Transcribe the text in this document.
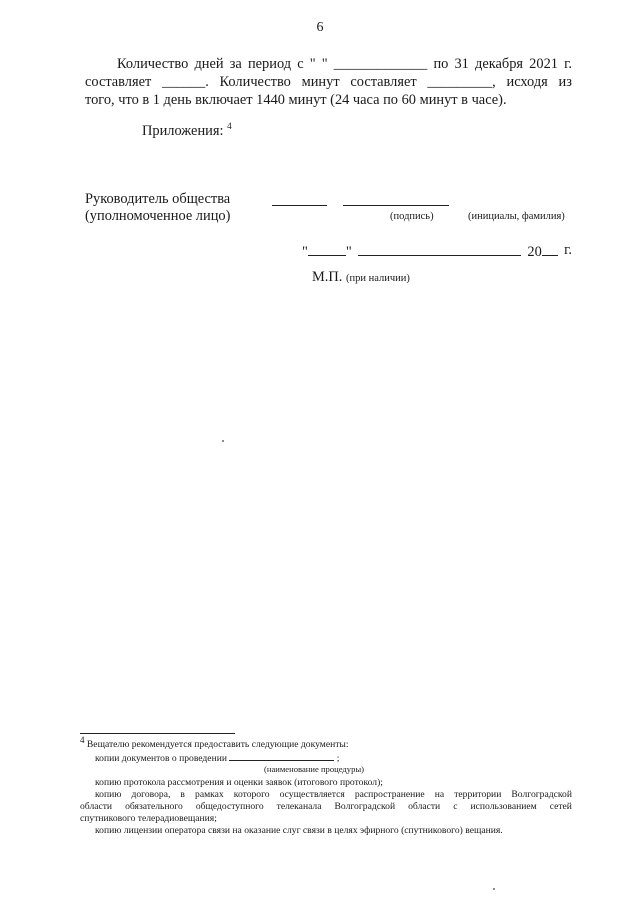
6
Количество дней за период с " " _____________ по 31 декабря 2021 г.
составляет ______. Количество минут составляет _________, исходя из
того, что в 1 день включает 1440 минут (24 часа по 60 минут в часе).
Приложения: $^4$
Руководитель общества
(уполномоченное лицо)	(подпись)	(инициалы, фамилия)
"	"	20	г.
М.П. (при наличии)
4 Вещателю рекомендуется предоставить следующие документы:
копии документов о проведении	;
(наименование процедуры)
копию протокола рассмотрения и оценки заявок (итогового протокол);
копию договора, в рамках которого осуществляется распространение на территории Волгоградской
области обязательного общедоступного телеканала Волгоградской области с использованием сетей
спутникового телерадиовещания;
копию лицензии оператора связи на оказание слуг связи в целях эфирного (спутникового) вещания.
